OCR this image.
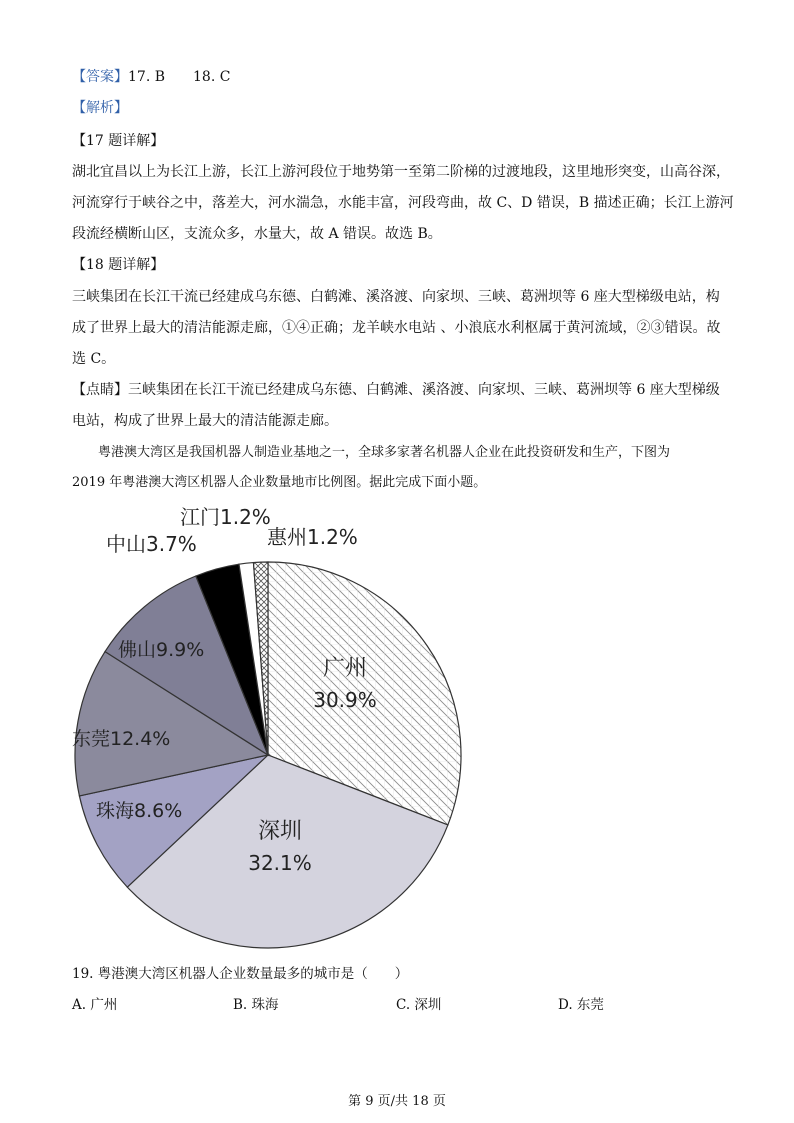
【答案】17. B　　18. C
【解析】
【17 题详解】
湖北宜昌以上为长江上游，长江上游河段位于地势第一至第二阶梯的过渡地段，这里地形突变，山高谷深，
河流穿行于峡谷之中，落差大，河水湍急，水能丰富，河段弯曲，故 C、D 错误，B 描述正确；长江上游河
段流经横断山区，支流众多，水量大，故 A 错误。故选 B。
【18 题详解】
三峡集团在长江干流已经建成乌东德、白鹤滩、溪洛渡、向家坝、三峡、葛洲坝等 6 座大型梯级电站，构
成了世界上最大的清洁能源走廊，①④正确；龙羊峡水电站 、小浪底水利枢属于黄河流域，②③错误。故
选 C。
【点睛】三峡集团在长江干流已经建成乌东德、白鹤滩、溪洛渡、向家坝、三峡、葛洲坝等 6 座大型梯级
电站，构成了世界上最大的清洁能源走廊。
　　粤港澳大湾区是我国机器人制造业基地之一，全球多家著名机器人企业在此投资研发和生产，下图为
2019 年粤港澳大湾区机器人企业数量地市比例图。据此完成下面小题。
广州
30.9%
深圳
32.1%
珠海8.6%
东莞12.4%
佛山9.9%
中山3.7%
江门1.2%
惠州1.2%
19. 粤港澳大湾区机器人企业数量最多的城市是（　　）
A. 广州	B. 珠海	C. 深圳	D. 东莞
第 9 页/共 18 页
